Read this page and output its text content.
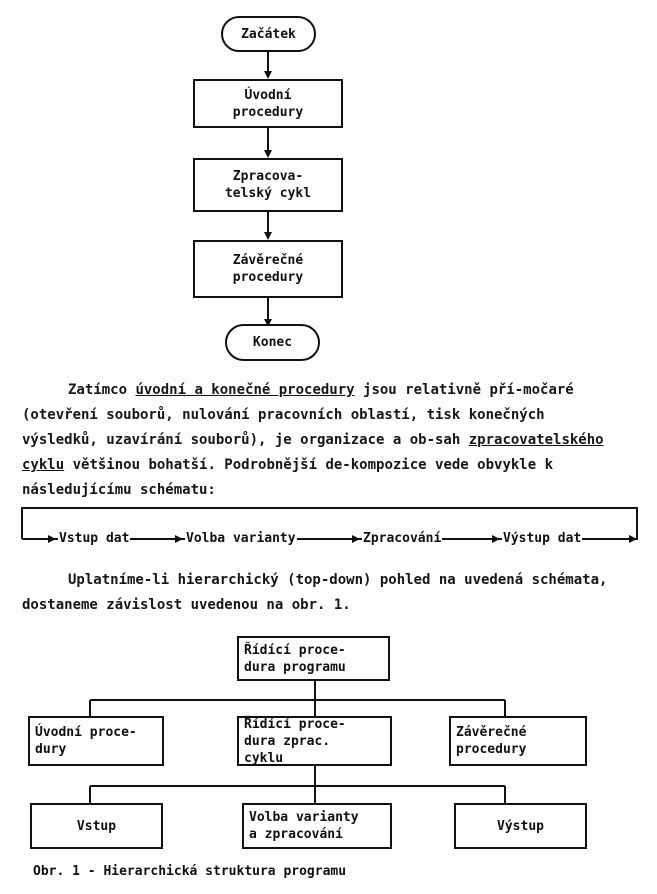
Začátek
Úvodní
procedury
Zpracova-
telský cykl
Závěrečné
procedury
Konec

Zatímco úvodní a konečné procedury jsou relativně pří-močaré (otevření souborů, nulování pracovních oblastí, tisk konečných výsledků, uzavírání souborů), je organizace a ob-sah zpracovatelského cyklu většinou bohatší. Podrobnější de-kompozice vede obvykle k následujícímu schématu:

Vstup dat	Volba varianty	Zpracování	Výstup dat

Uplatníme-li hierarchický (top-down) pohled na uvedená schémata, dostaneme závislost uvedenou na obr. 1.

Řídící proce-
dura programu
Úvodní proce-
dury
Řídící proce-
dura zprac.
cyklu
Závěrečné
procedury
Vstup
Volba varianty
a zpracování
Výstup
Obr. 1 - Hierarchická struktura programu
